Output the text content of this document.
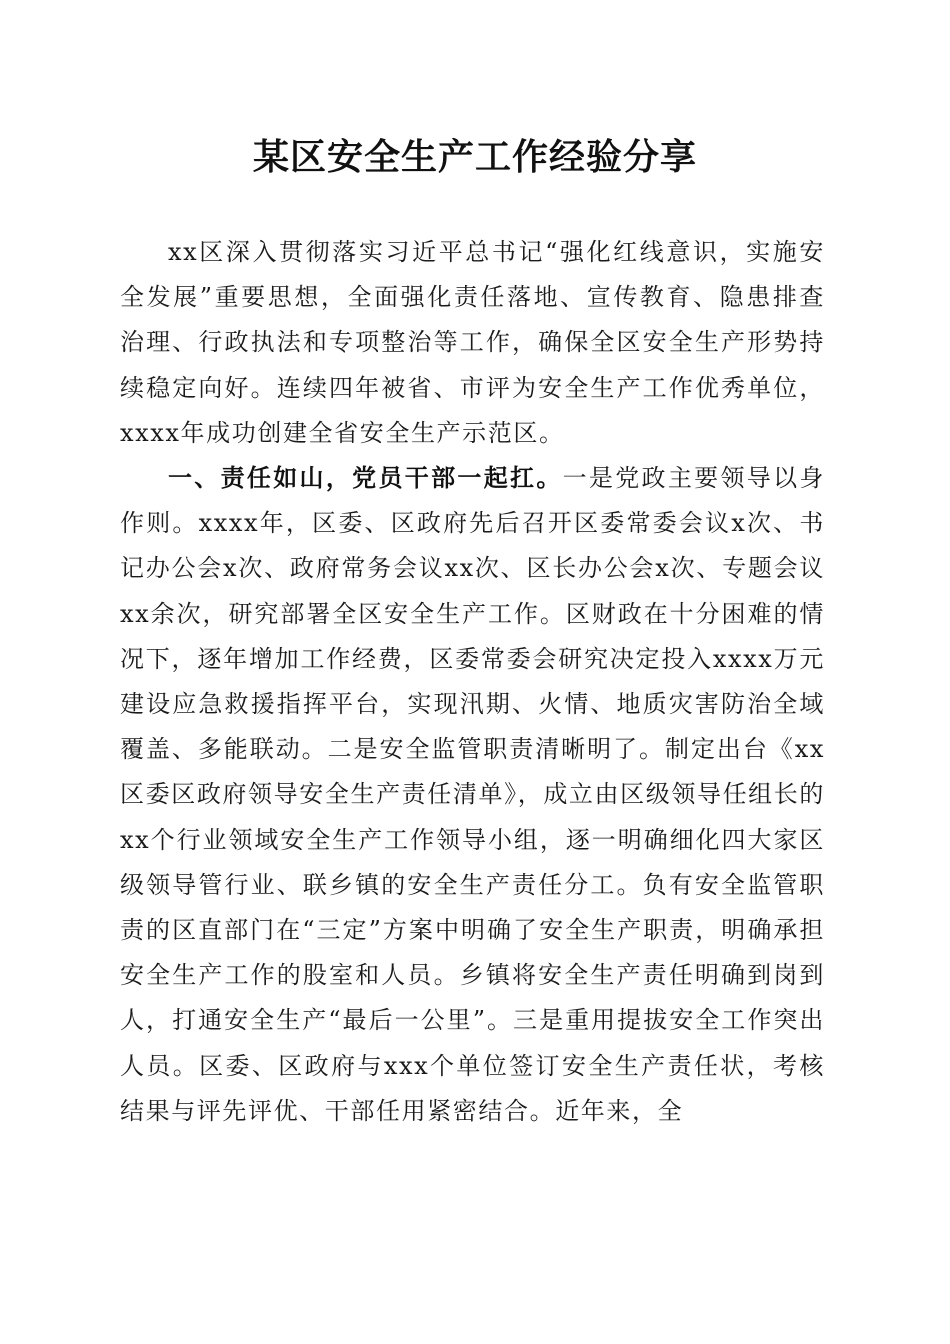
某区安全生产工作经验分享

xx区深入贯彻落实习近平总书记“强化红线意识，实施安全发展”重要思想，全面强化责任落地、宣传教育、隐患排查治理、行政执法和专项整治等工作，确保全区安全生产形势持续稳定向好。连续四年被省、市评为安全生产工作优秀单位，xxxx年成功创建全省安全生产示范区。

一、责任如山，党员干部一起扛。一是党政主要领导以身作则。xxxx年，区委、区政府先后召开区委常委会议x次、书记办公会x次、政府常务会议xx次、区长办公会x次、专题会议xx余次，研究部署全区安全生产工作。区财政在十分困难的情况下，逐年增加工作经费，区委常委会研究决定投入xxxx万元建设应急救援指挥平台，实现汛期、火情、地质灾害防治全域覆盖、多能联动。二是安全监管职责清晰明了。制定出台《xx区委区政府领导安全生产责任清单》，成立由区级领导任组长的xx个行业领域安全生产工作领导小组，逐一明确细化四大家区级领导管行业、联乡镇的安全生产责任分工。负有安全监管职责的区直部门在“三定”方案中明确了安全生产职责，明确承担安全生产工作的股室和人员。乡镇将安全生产责任明确到岗到人，打通安全生产“最后一公里”。三是重用提拔安全工作突出人员。区委、区政府与xxx个单位签订安全生产责任状，考核结果与评先评优、干部任用紧密结合。近年来，全
